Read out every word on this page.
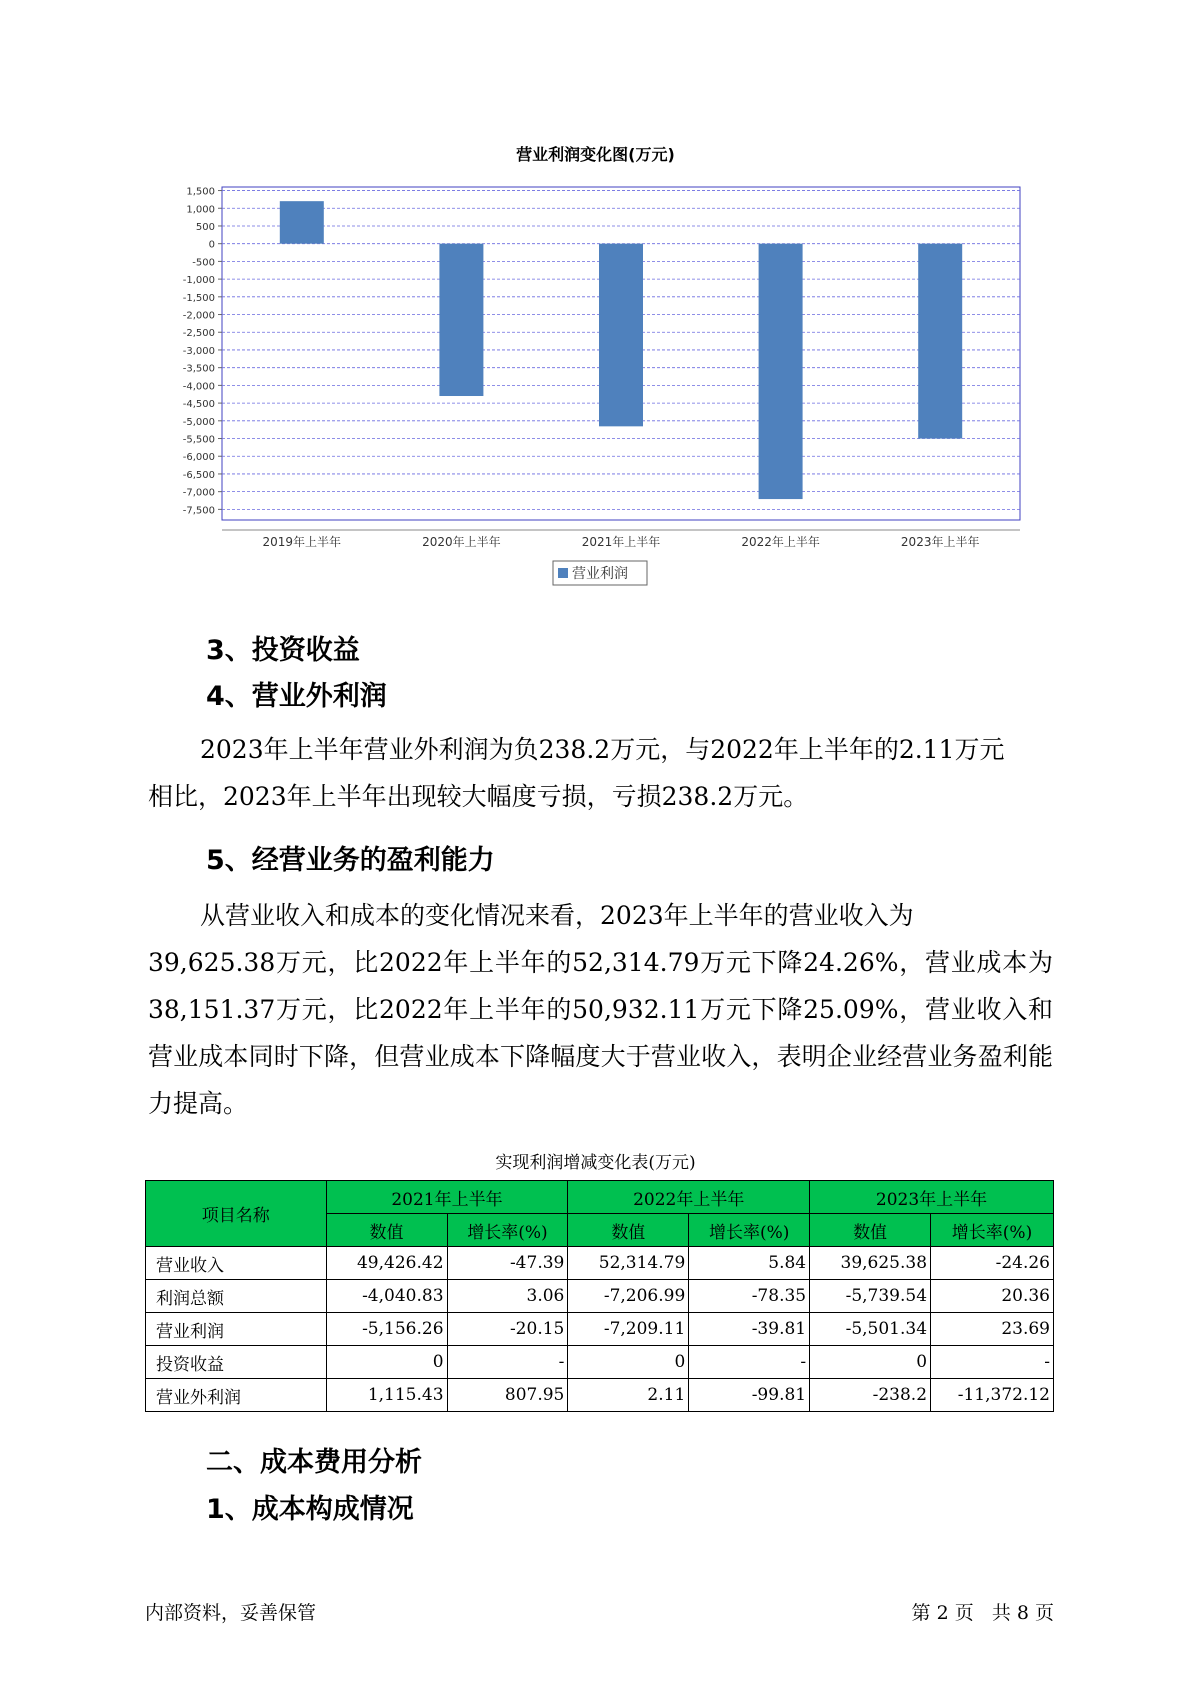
营业利润变化图(万元)
1,500
1,000
500
0
-500
-1,000
-1,500
-2,000
-2,500
-3,000
-3,500
-4,000
-4,500
-5,000
-5,500
-6,000
-6,500
-7,000
-7,500
2019年上半年	2020年上半年	2021年上半年	2022年上半年	2023年上半年
营业利润
3、投资收益
4、营业外利润

2023年上半年营业外利润为负238.2万元，与2022年上半年的2.11万元
相比，2023年上半年出现较大幅度亏损，亏损238.2万元。

5、经营业务的盈利能力

从营业收入和成本的变化情况来看，2023年上半年的营业收入为
39,625.38万元，比2022年上半年的52,314.79万元下降24.26%，营业成本为38,151.37万元，比2022年上半年的50,932.11万元下降25.09%，营业收入和营业成本同时下降，但营业成本下降幅度大于营业收入，表明企业经营业务盈利能力提高。

实现利润增减变化表(万元)
项目名称	2021年上半年		2022年上半年		2023年上半年	
	数值	增长率(%)	数值	增长率(%)	数值	增长率(%)
营业收入	49,426.42	-47.39	52,314.79	5.84	39,625.38	-24.26
利润总额	-4,040.83	3.06	-7,206.99	-78.35	-5,739.54	20.36
营业利润	-5,156.26	-20.15	-7,209.11	-39.81	-5,501.34	23.69
投资收益	0	-	0	-	0	-
营业外利润	1,115.43	807.95	2.11	-99.81	-238.2	-11,372.12
二、成本费用分析
1、成本构成情况
内部资料，妥善保管	第 2 页   共 8 页
